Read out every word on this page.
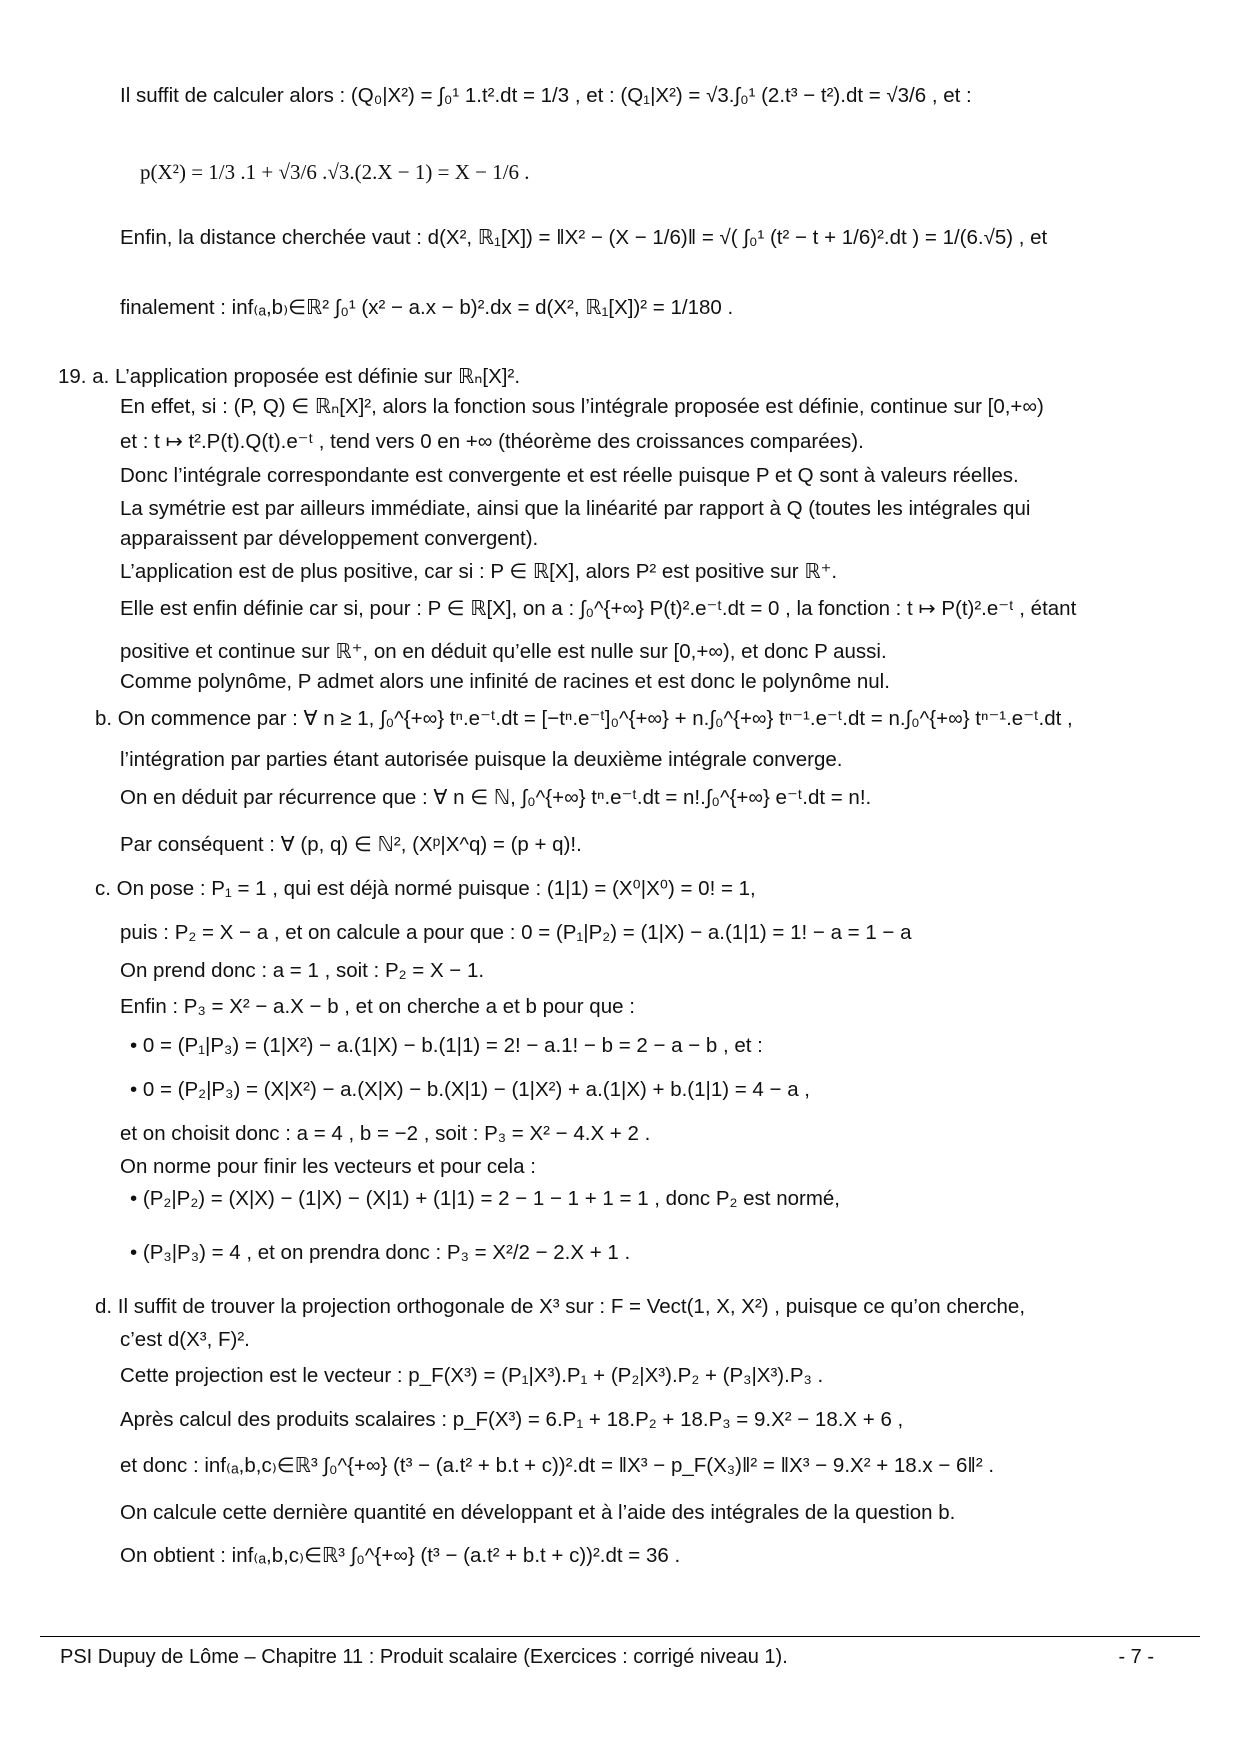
Il suffit de calculer alors : (Q₀|X²) = ∫₀¹ 1.t².dt = 1/3 , et : (Q₁|X²) = √3.∫₀¹ (2.t³ − t²).dt = √3/6 , et :
p(X²) = 1/3 .1 + √3/6 .√3.(2.X − 1) = X − 1/6 .
Enfin, la distance cherchée vaut : d(X², ℝ₁[X]) = ‖X² − (X − 1/6)‖ = √( ∫₀¹ (t² − t + 1/6)².dt ) = 1/(6.√5) , et
finalement : inf₍ₐ,b₎∈ℝ² ∫₀¹ (x² − a.x − b)².dx = d(X², ℝ₁[X])² = 1/180 .
19. a. L’application proposée est définie sur ℝₙ[X]².
En effet, si : (P, Q) ∈ ℝₙ[X]², alors la fonction sous l’intégrale proposée est définie, continue sur [0,+∞)
et : t ↦ t².P(t).Q(t).e⁻ᵗ , tend vers 0 en +∞ (théorème des croissances comparées).
Donc l’intégrale correspondante est convergente et est réelle puisque P et Q sont à valeurs réelles.
La symétrie est par ailleurs immédiate, ainsi que la linéarité par rapport à Q (toutes les intégrales qui
apparaissent par développement convergent).
L’application est de plus positive, car si : P ∈ ℝ[X], alors P² est positive sur ℝ⁺.
Elle est enfin définie car si, pour : P ∈ ℝ[X], on a : ∫₀^{+∞} P(t)².e⁻ᵗ.dt = 0 , la fonction : t ↦ P(t)².e⁻ᵗ , étant
positive et continue sur ℝ⁺, on en déduit qu’elle est nulle sur [0,+∞), et donc P aussi.
Comme polynôme, P admet alors une infinité de racines et est donc le polynôme nul.
b. On commence par : ∀ n ≥ 1, ∫₀^{+∞} tⁿ.e⁻ᵗ.dt = [−tⁿ.e⁻ᵗ]₀^{+∞} + n.∫₀^{+∞} tⁿ⁻¹.e⁻ᵗ.dt = n.∫₀^{+∞} tⁿ⁻¹.e⁻ᵗ.dt ,
l’intégration par parties étant autorisée puisque la deuxième intégrale converge.
On en déduit par récurrence que : ∀ n ∈ ℕ, ∫₀^{+∞} tⁿ.e⁻ᵗ.dt = n!.∫₀^{+∞} e⁻ᵗ.dt = n!.
Par conséquent : ∀ (p, q) ∈ ℕ², (Xᵖ|X^q) = (p + q)!.
c. On pose : P₁ = 1 , qui est déjà normé puisque : (1|1) = (X⁰|X⁰) = 0! = 1,
puis : P₂ = X − a , et on calcule a pour que : 0 = (P₁|P₂) = (1|X) − a.(1|1) = 1! − a = 1 − a
On prend donc : a = 1 , soit : P₂ = X − 1.
Enfin : P₃ = X² − a.X − b , et on cherche a et b pour que :
• 0 = (P₁|P₃) = (1|X²) − a.(1|X) − b.(1|1) = 2! − a.1! − b = 2 − a − b , et :
• 0 = (P₂|P₃) = (X|X²) − a.(X|X) − b.(X|1) − (1|X²) + a.(1|X) + b.(1|1) = 4 − a ,
et on choisit donc : a = 4 , b = −2 , soit : P₃ = X² − 4.X + 2 .
On norme pour finir les vecteurs et pour cela :
• (P₂|P₂) = (X|X) − (1|X) − (X|1) + (1|1) = 2 − 1 − 1 + 1 = 1 , donc P₂ est normé,
• (P₃|P₃) = 4 , et on prendra donc : P₃ = X²/2 − 2.X + 1 .
d. Il suffit de trouver la projection orthogonale de X³ sur : F = Vect(1, X, X²) , puisque ce qu’on cherche,
c’est d(X³, F)².
Cette projection est le vecteur : p_F(X³) = (P₁|X³).P₁ + (P₂|X³).P₂ + (P₃|X³).P₃ .
Après calcul des produits scalaires : p_F(X³) = 6.P₁ + 18.P₂ + 18.P₃ = 9.X² − 18.X + 6 ,
et donc : inf₍ₐ,b,c₎∈ℝ³ ∫₀^{+∞} (t³ − (a.t² + b.t + c))².dt = ‖X³ − p_F(X₃)‖² = ‖X³ − 9.X² + 18.x − 6‖² .
On calcule cette dernière quantité en développant et à l’aide des intégrales de la question b.
On obtient : inf₍ₐ,b,c₎∈ℝ³ ∫₀^{+∞} (t³ − (a.t² + b.t + c))².dt = 36 .
PSI Dupuy de Lôme – Chapitre 11 : Produit scalaire (Exercices : corrigé niveau 1).	- 7 -
